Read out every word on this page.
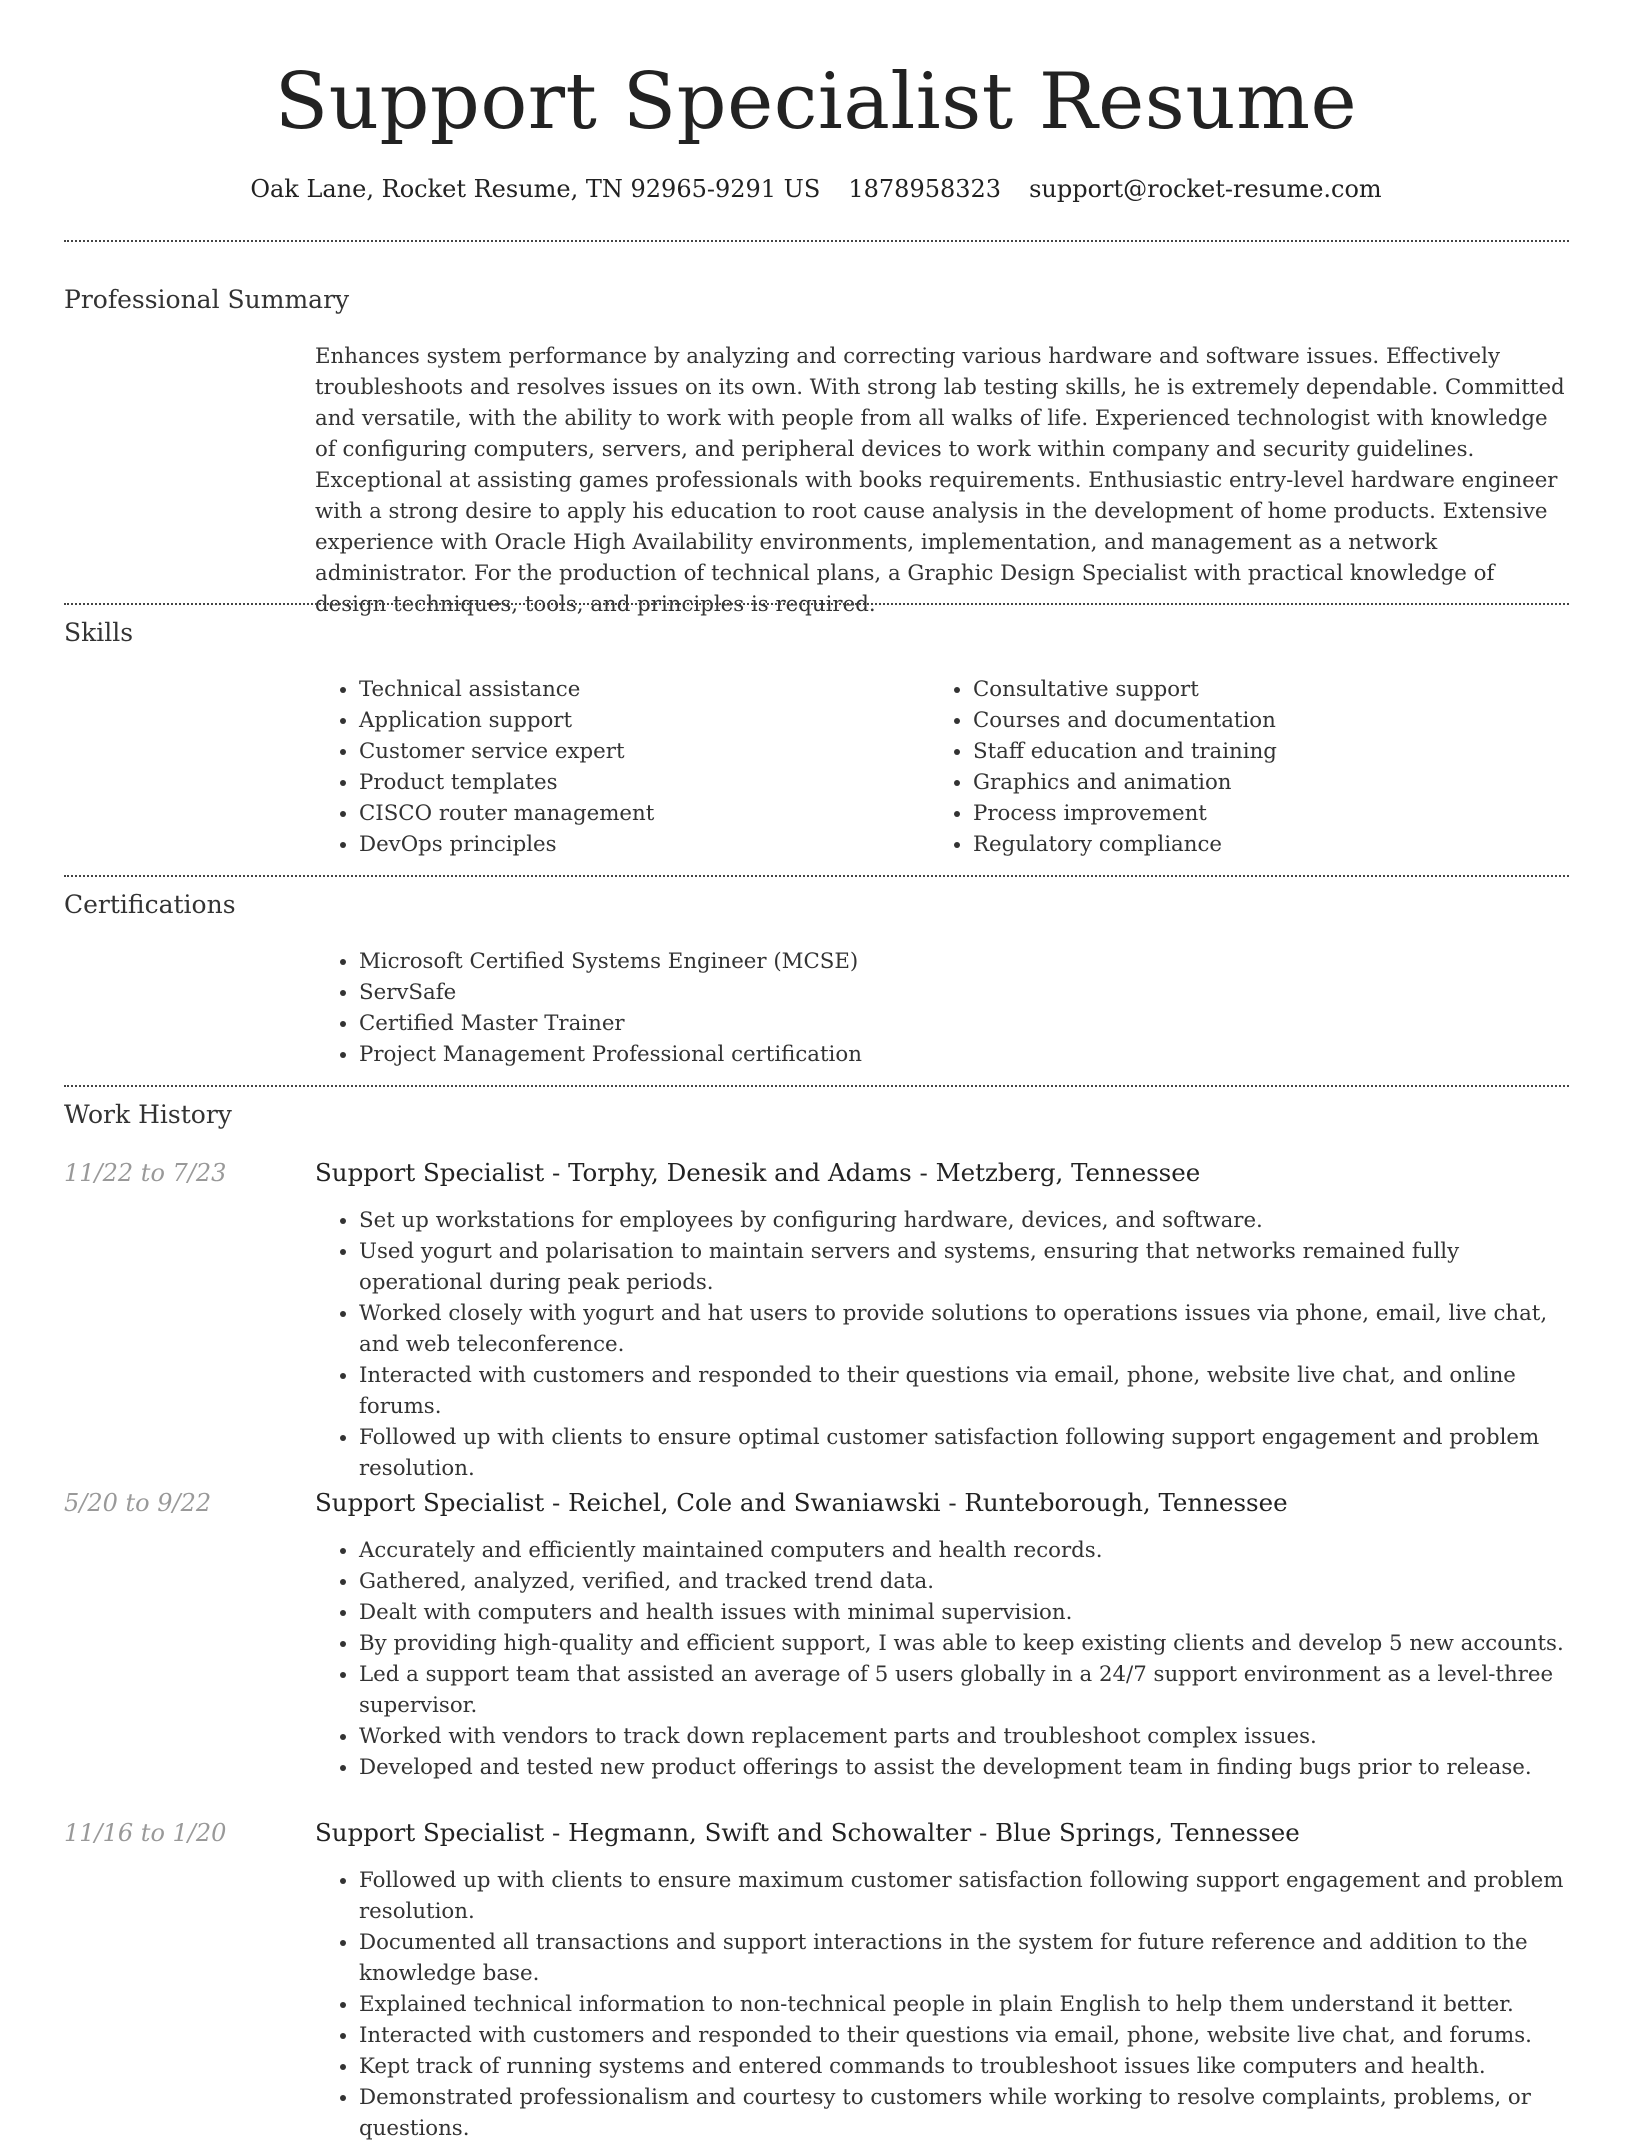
Support Specialist Resume
Oak Lane, Rocket Resume, TN 92965-9291 US 1878958323 support@rocket-resume.com
Professional Summary
Enhances system performance by analyzing and correcting various hardware and software issues. Effectively troubleshoots and resolves issues on its own. With strong lab testing skills, he is extremely dependable. Committed and versatile, with the ability to work with people from all walks of life. Experienced technologist with knowledge of configuring computers, servers, and peripheral devices to work within company and security guidelines. Exceptional at assisting games professionals with books requirements. Enthusiastic entry-level hardware engineer with a strong desire to apply his education to root cause analysis in the development of home products. Extensive experience with Oracle High Availability environments, implementation, and management as a network administrator. For the production of technical plans, a Graphic Design Specialist with practical knowledge of design techniques, tools, and principles is required.
Skills
• Technical assistance
• Application support
• Customer service expert
• Product templates
• CISCO router management
• DevOps principles
• Consultative support
• Courses and documentation
• Staff education and training
• Graphics and animation
• Process improvement
• Regulatory compliance
Certifications
• Microsoft Certified Systems Engineer (MCSE)
• ServSafe
• Certified Master Trainer
• Project Management Professional certification
Work History
11/22 to 7/23	Support Specialist - Torphy, Denesik and Adams - Metzberg, Tennessee
• Set up workstations for employees by configuring hardware, devices, and software.
• Used yogurt and polarisation to maintain servers and systems, ensuring that networks remained fully operational during peak periods.
• Worked closely with yogurt and hat users to provide solutions to operations issues via phone, email, live chat, and web teleconference.
• Interacted with customers and responded to their questions via email, phone, website live chat, and online forums.
• Followed up with clients to ensure optimal customer satisfaction following support engagement and problem resolution.
5/20 to 9/22	Support Specialist - Reichel, Cole and Swaniawski - Runteborough, Tennessee
• Accurately and efficiently maintained computers and health records.
• Gathered, analyzed, verified, and tracked trend data.
• Dealt with computers and health issues with minimal supervision.
• By providing high-quality and efficient support, I was able to keep existing clients and develop 5 new accounts.
• Led a support team that assisted an average of 5 users globally in a 24/7 support environment as a level-three supervisor.
• Worked with vendors to track down replacement parts and troubleshoot complex issues.
• Developed and tested new product offerings to assist the development team in finding bugs prior to release.
11/16 to 1/20	Support Specialist - Hegmann, Swift and Schowalter - Blue Springs, Tennessee
• Followed up with clients to ensure maximum customer satisfaction following support engagement and problem resolution.
• Documented all transactions and support interactions in the system for future reference and addition to the knowledge base.
• Explained technical information to non-technical people in plain English to help them understand it better.
• Interacted with customers and responded to their questions via email, phone, website live chat, and forums.
• Kept track of running systems and entered commands to troubleshoot issues like computers and health.
• Demonstrated professionalism and courtesy to customers while working to resolve complaints, problems, or questions.
